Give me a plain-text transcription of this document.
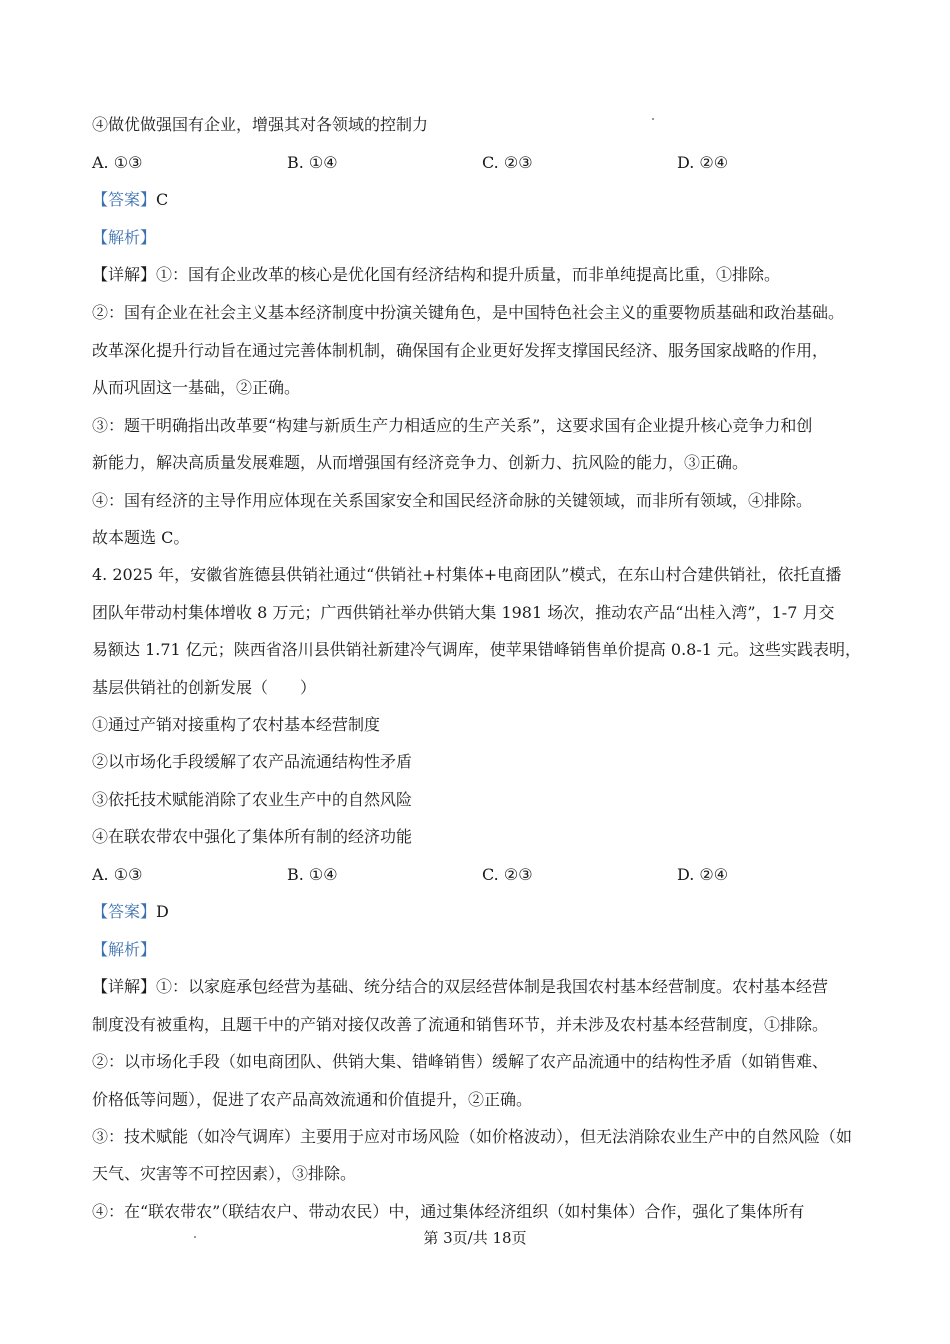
④做优做强国有企业，增强其对各领域的控制力
A. ①③	B. ①④	C. ②③	D. ②④
【答案】C
【解析】
【详解】①：国有企业改革的核心是优化国有经济结构和提升质量，而非单纯提高比重，①排除。
②：国有企业在社会主义基本经济制度中扮演关键角色，是中国特色社会主义的重要物质基础和政治基础。
改革深化提升行动旨在通过完善体制机制，确保国有企业更好发挥支撑国民经济、服务国家战略的作用，
从而巩固这一基础，②正确。
③：题干明确指出改革要“构建与新质生产力相适应的生产关系”，这要求国有企业提升核心竞争力和创
新能力，解决高质量发展难题，从而增强国有经济竞争力、创新力、抗风险的能力，③正确。
④：国有经济的主导作用应体现在关系国家安全和国民经济命脉的关键领域，而非所有领域，④排除。
故本题选 C。
4. 2025 年，安徽省旌德县供销社通过“供销社+村集体+电商团队”模式，在东山村合建供销社，依托直播
团队年带动村集体增收 8 万元；广西供销社举办供销大集 1981 场次，推动农产品“出桂入湾”，1-7 月交
易额达 1.71 亿元；陕西省洛川县供销社新建冷气调库，使苹果错峰销售单价提高 0.8-1 元。这些实践表明，
基层供销社的创新发展（　　）
①通过产销对接重构了农村基本经营制度
②以市场化手段缓解了农产品流通结构性矛盾
③依托技术赋能消除了农业生产中的自然风险
④在联农带农中强化了集体所有制的经济功能
A. ①③	B. ①④	C. ②③	D. ②④
【答案】D
【解析】
【详解】①：以家庭承包经营为基础、统分结合的双层经营体制是我国农村基本经营制度。农村基本经营
制度没有被重构，且题干中的产销对接仅改善了流通和销售环节，并未涉及农村基本经营制度，①排除。
②：以市场化手段（如电商团队、供销大集、错峰销售）缓解了农产品流通中的结构性矛盾（如销售难、
价格低等问题），促进了农产品高效流通和价值提升，②正确。
③：技术赋能（如冷气调库）主要用于应对市场风险（如价格波动），但无法消除农业生产中的自然风险（如
天气、灾害等不可控因素），③排除。
④：在“联农带农”（联结农户、带动农民）中，通过集体经济组织（如村集体）合作，强化了集体所有
第 3页/共 18页
